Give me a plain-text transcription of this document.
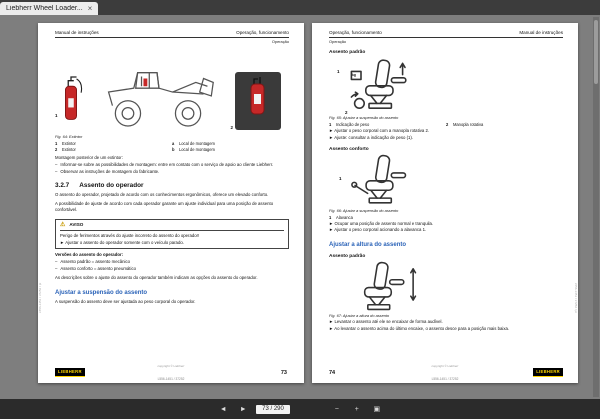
Liebherr Wheel Loader... ×
Manual de instruções	Operação, funcionamento
Operação
1
2
Fig. 64: Extintor
1	Extintor	a	Local de montagem
2	Extintor	b	Local de montagem
Montagem posterior de um extintor:
– Informar-se sobre as possibilidades de montagem: entre em contato com o serviço de apoio ao cliente Liebherr.
– Observar as instruções de montagem do fabricante.
3.2.7 Assento do operador
O assento do operador, projetado de acordo com os conhecimentos ergonômicos, oferece um elevado conforto.
A possibilidade de ajuste de acordo com cada operador garante um ajuste individual para uma posição de assento confortável.
⚠ AVISO
Perigo de ferimentos através do ajuste incorreto do assento do operador!
► Ajustar o assento do operador somente com o veículo parado.
Versões do assento do operador:
– Assento padrão = assento mecânico
– Assento conforto = assento pneumático
As descrições sobre o ajuste do assento do operador também indicam as opções do assento do operador.
Ajustar a suspensão do assento
A suspensão do assento deve ser ajustada ao peso corporal do operador.
L556-1451 / 37252 / pt
copyright © Liebherr
L556-1451 / 37252
LIEBHERR	73
Operação, funcionamento	Manual de instruções
Operação
Assento padrão
1
2
kg
Fig. 65: Ajustar a suspensão do assento
1	Indicação de peso	2	Manopla rotativa
► Ajustar o peso corporal com a manopla rotativa 2.
► Ajuste: consultar a indicação de peso (1).
Assento conforto
1
Fig. 66: Ajustar a suspensão do assento
1	Alavanca
► Ocupar uma posição de assento normal e tranquila.
► Ajustar o peso corporal acionando a alavanca 1.
Ajustar a altura do assento
Assento padrão
Fig. 67: Ajustar a altura do assento
► Levantar o assento até ele se encaixar de forma audível.
► Ao levantar o assento acima do último encaixe, o assento desce para a posição mais baixa.
L556-1451 / 37252 / pt
copyright © Liebherr
L556-1451 / 37252
74	LIEBHERR
◄	►	73 / 290	−	+	▣
